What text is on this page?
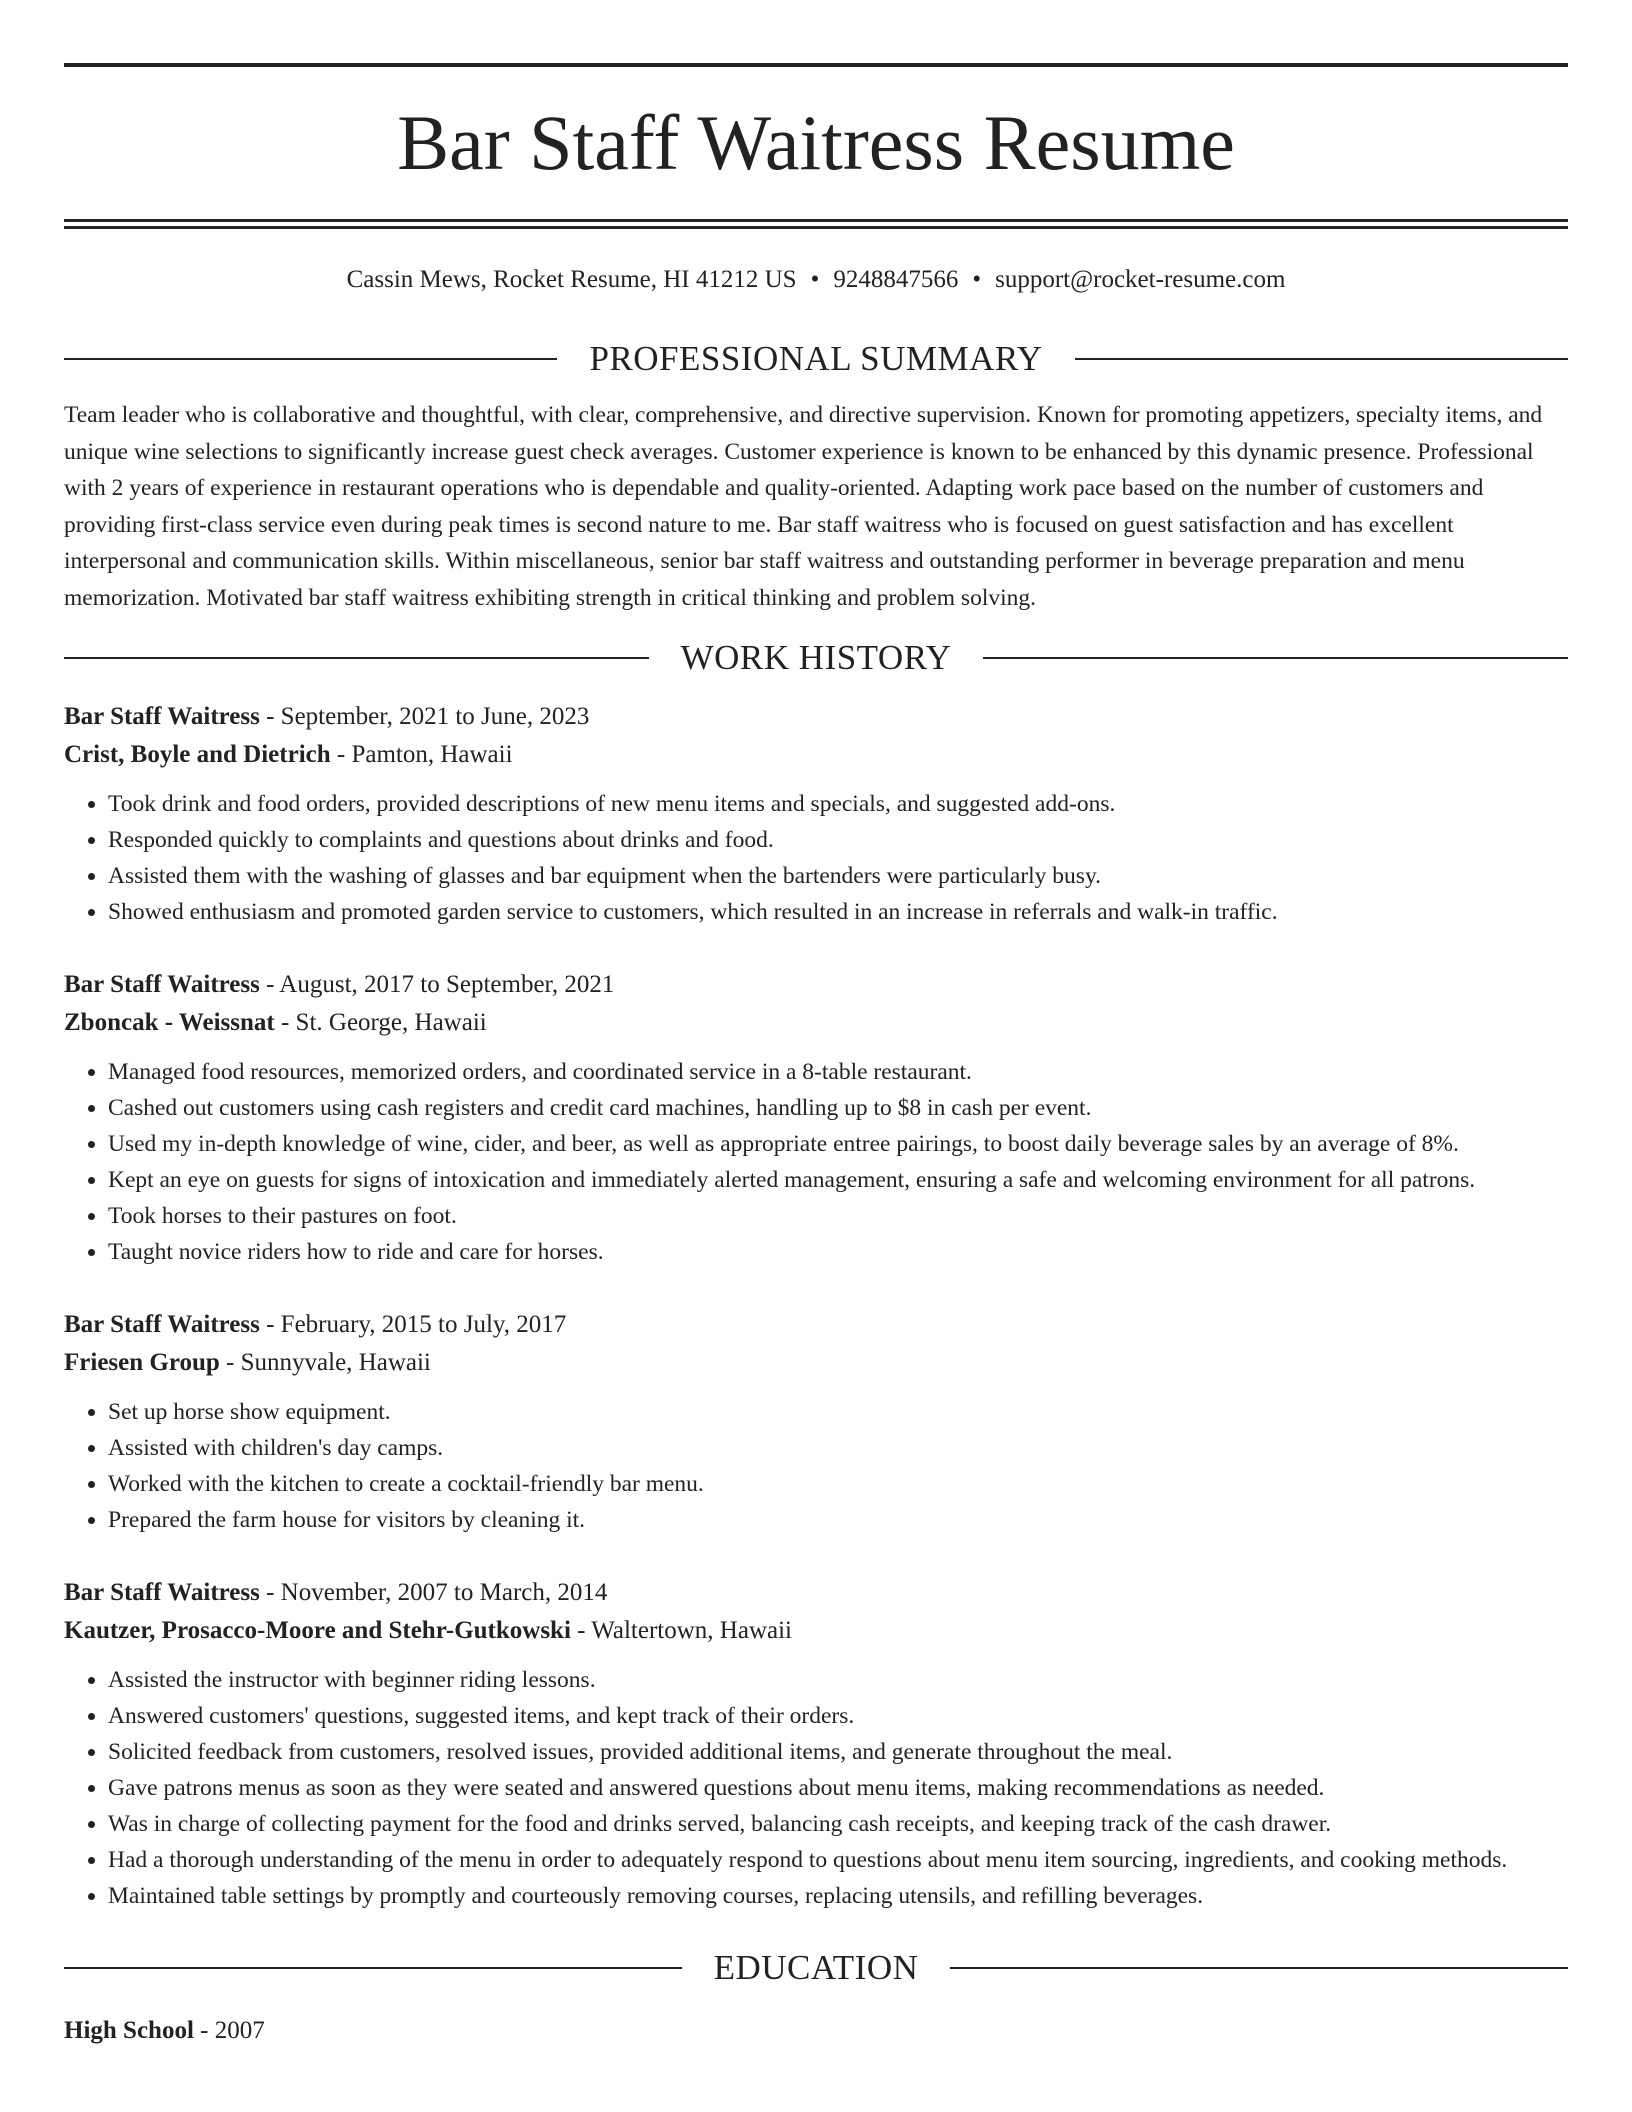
Bar Staff Waitress Resume
Cassin Mews, Rocket Resume, HI 41212 US • 9248847566 • support@rocket-resume.com
PROFESSIONAL SUMMARY

Team leader who is collaborative and thoughtful, with clear, comprehensive, and directive supervision. Known for promoting appetizers, specialty items, and unique wine selections to significantly increase guest check averages. Customer experience is known to be enhanced by this dynamic presence. Professional with 2 years of experience in restaurant operations who is dependable and quality-oriented. Adapting work pace based on the number of customers and providing first-class service even during peak times is second nature to me. Bar staff waitress who is focused on guest satisfaction and has excellent interpersonal and communication skills. Within miscellaneous, senior bar staff waitress and outstanding performer in beverage preparation and menu memorization. Motivated bar staff waitress exhibiting strength in critical thinking and problem solving.

WORK HISTORY
Bar Staff Waitress - September, 2021 to June, 2023
Crist, Boyle and Dietrich - Pamton, Hawaii
• Took drink and food orders, provided descriptions of new menu items and specials, and suggested add-ons.
• Responded quickly to complaints and questions about drinks and food.
• Assisted them with the washing of glasses and bar equipment when the bartenders were particularly busy.
• Showed enthusiasm and promoted garden service to customers, which resulted in an increase in referrals and walk-in traffic.
Bar Staff Waitress - August, 2017 to September, 2021
Zboncak - Weissnat - St. George, Hawaii
• Managed food resources, memorized orders, and coordinated service in a 8-table restaurant.
• Cashed out customers using cash registers and credit card machines, handling up to $8 in cash per event.
• Used my in-depth knowledge of wine, cider, and beer, as well as appropriate entree pairings, to boost daily beverage sales by an average of 8%.
• Kept an eye on guests for signs of intoxication and immediately alerted management, ensuring a safe and welcoming environment for all patrons.
• Took horses to their pastures on foot.
• Taught novice riders how to ride and care for horses.
Bar Staff Waitress - February, 2015 to July, 2017
Friesen Group - Sunnyvale, Hawaii
• Set up horse show equipment.
• Assisted with children's day camps.
• Worked with the kitchen to create a cocktail-friendly bar menu.
• Prepared the farm house for visitors by cleaning it.
Bar Staff Waitress - November, 2007 to March, 2014
Kautzer, Prosacco-Moore and Stehr-Gutkowski - Waltertown, Hawaii
• Assisted the instructor with beginner riding lessons.
• Answered customers' questions, suggested items, and kept track of their orders.
• Solicited feedback from customers, resolved issues, provided additional items, and generate throughout the meal.
• Gave patrons menus as soon as they were seated and answered questions about menu items, making recommendations as needed.
• Was in charge of collecting payment for the food and drinks served, balancing cash receipts, and keeping track of the cash drawer.
• Had a thorough understanding of the menu in order to adequately respond to questions about menu item sourcing, ingredients, and cooking methods.
• Maintained table settings by promptly and courteously removing courses, replacing utensils, and refilling beverages.
EDUCATION
High School - 2007
